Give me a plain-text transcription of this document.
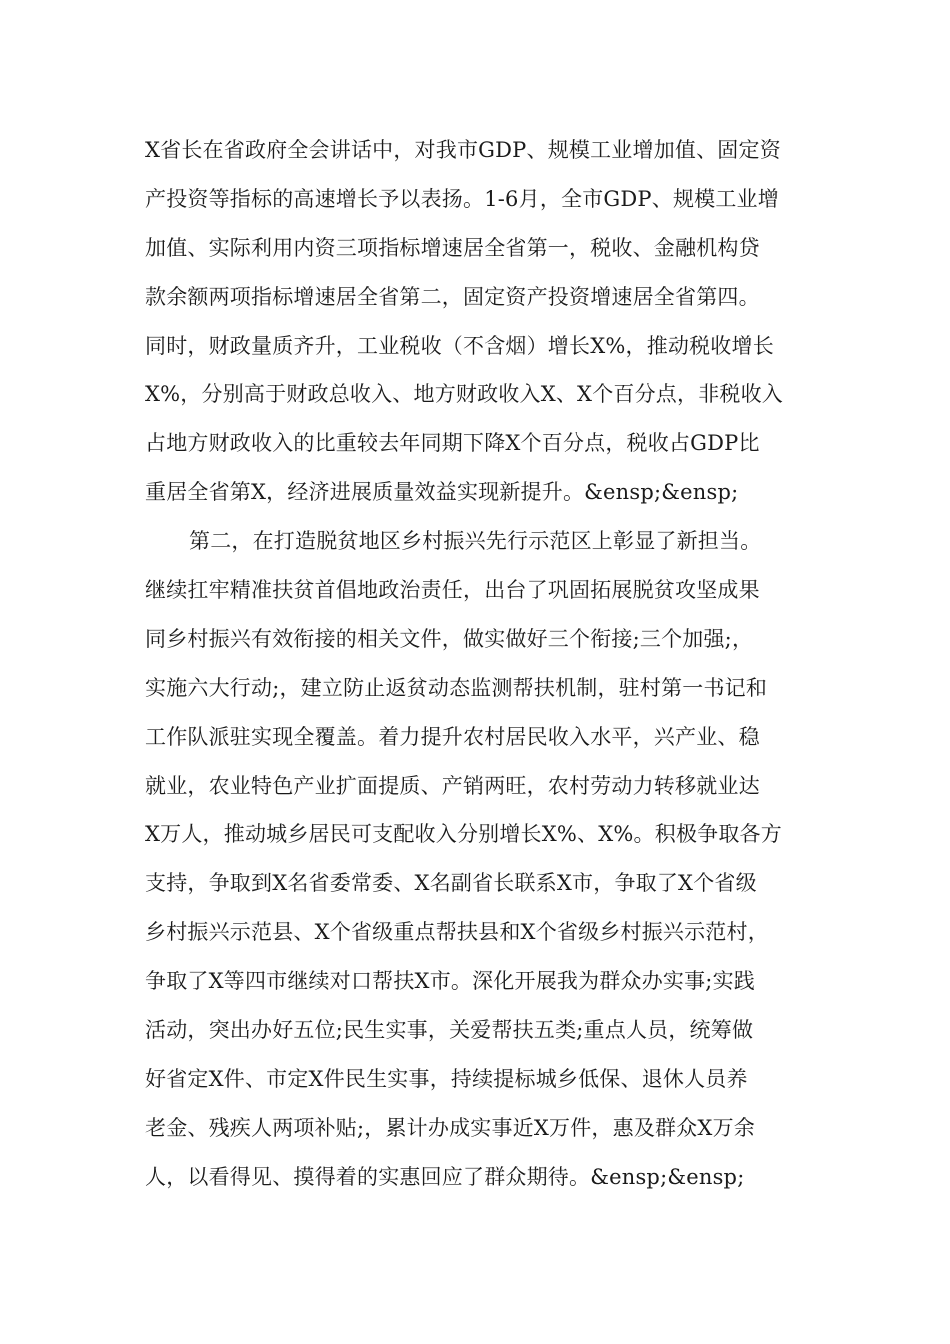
X省长在省政府全会讲话中，对我市GDP、规模工业增加值、固定资
产投资等指标的高速增长予以表扬。1-6月，全市GDP、规模工业增
加值、实际利用内资三项指标增速居全省第一，税收、金融机构贷
款余额两项指标增速居全省第二，固定资产投资增速居全省第四。
同时，财政量质齐升，工业税收（不含烟）增长X%，推动税收增长
X%，分别高于财政总收入、地方财政收入X、X个百分点，非税收入
占地方财政收入的比重较去年同期下降X个百分点，税收占GDP比
重居全省第X，经济进展质量效益实现新提升。&ensp;&ensp;
第二，在打造脱贫地区乡村振兴先行示范区上彰显了新担当。
继续扛牢精准扶贫首倡地政治责任，出台了巩固拓展脱贫攻坚成果
同乡村振兴有效衔接的相关文件，做实做好三个衔接;三个加强;，
实施六大行动;，建立防止返贫动态监测帮扶机制，驻村第一书记和
工作队派驻实现全覆盖。着力提升农村居民收入水平，兴产业、稳
就业，农业特色产业扩面提质、产销两旺，农村劳动力转移就业达
X万人，推动城乡居民可支配收入分别增长X%、X%。积极争取各方
支持，争取到X名省委常委、X名副省长联系X市，争取了X个省级
乡村振兴示范县、X个省级重点帮扶县和X个省级乡村振兴示范村，
争取了X等四市继续对口帮扶X市。深化开展我为群众办实事;实践
活动，突出办好五位;民生实事，关爱帮扶五类;重点人员，统筹做
好省定X件、市定X件民生实事，持续提标城乡低保、退休人员养
老金、残疾人两项补贴;，累计办成实事近X万件，惠及群众X万余
人，以看得见、摸得着的实惠回应了群众期待。&ensp;&ensp;
